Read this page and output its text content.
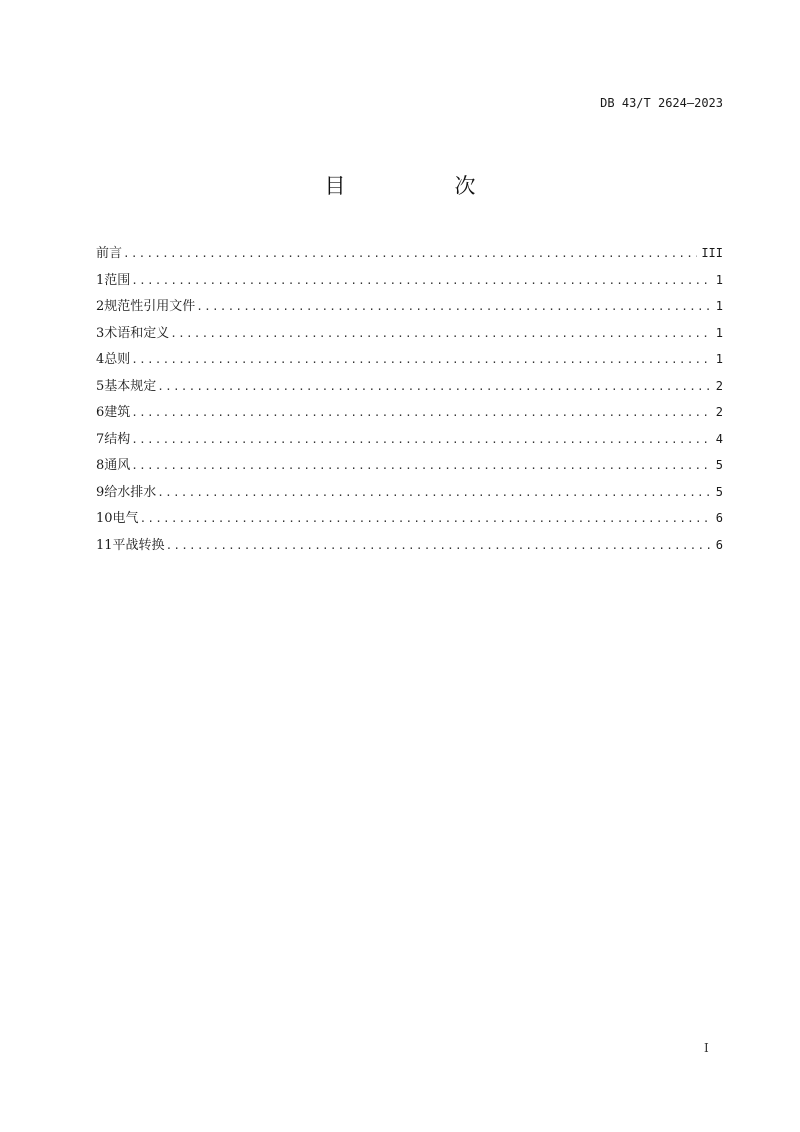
DB 43/T 2624—2023
目　次
前言 .....	III
1 范围 .....	1
2 规范性引用文件 .....	1
3 术语和定义 .....	1
4 总则 .....	1
5 基本规定 .....	2
6 建筑 .....	2
7 结构 .....	4
8 通风 .....	5
9 给水排水 .....	5
10 电气 .....	6
11 平战转换 .....	6
I
